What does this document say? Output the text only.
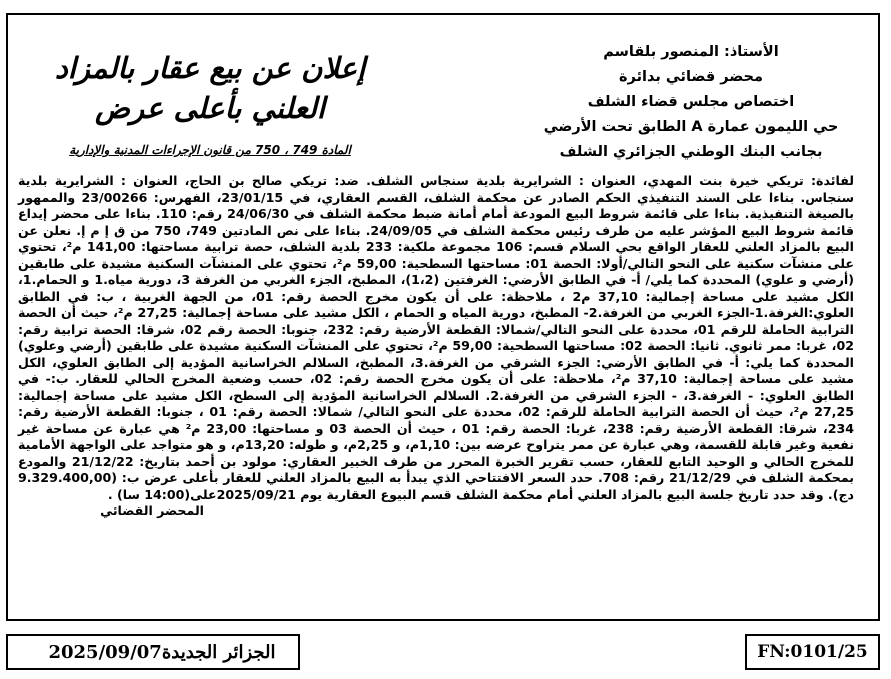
الأستاذ: المنصور بلقاسم
محضر قضائي بدائرة
اختصاص مجلس قضاء الشلف
حي الليمون عمارة A الطابق تحت الأرضي
بجانب البنك الوطني الجزائري الشلف
إعلان عن بيع عقار بالمزاد
العلني بأعلى عرض
المادة 749 ، 750 من قانون الإجراءات المدنية والإدارية

لفائدة: تريكي خيرة بنت المهدي، العنوان : الشرايرية بلدية سنجاس الشلف. ضد: تريكي صالح بن الحاج، العنوان : الشرايرية بلدية سنجاس. بناءا على السند التنفيذي الحكم الصادر عن محكمة الشلف، القسم العقاري، في 23/01/15، الفهرس: 23/00266 والممهور بالصيغة التنفيذية. بناءا على قائمة شروط البيع المودعة أمام أمانة ضبط محكمة الشلف في 24/06/30 رقم: 110. بناءا على محضر إيداع قائمة شروط البيع المؤشر عليه من طرف رئيس محكمة الشلف في 24/09/05. بناءا على نص المادتين 749، 750 من ق إ م إ. نعلن عن البيع بالمزاد العلني للعقار الواقع بحي السلام قسم: 106 مجموعة ملكية: 233 بلدية الشلف، حصة ترابية مساحتها: 141,00 م²، تحتوي على منشآت سكنية على النحو التالي/أولا: الحصة 01: مساحتها السطحية: 59,00 م²، تحتوي على المنشآت السكنية مشيدة على طابقين (أرضي و علوي) المحددة كما يلي/ أ- في الطابق الأرضي: الغرفتين (1،2)، المطبخ، الجزء الغربي من الغرفة 3، دورية مياه.1 و الحمام.1، الكل مشيد على مساحة إجمالية: 37,10 م2 ، ملاحظة: على أن يكون مخرج الحصة رقم: 01، من الجهة الغربية ، ب: في الطابق العلوي:الغرفة.1-الجزء الغربي من الغرفة.2- المطبخ، دورية المياه و الحمام ، الكل مشيد على مساحة إجمالية: 27,25 م²، حيث أن الحصة الترابية الحاملة للرقم 01، محددة على النحو التالي/شمالا: القطعة الأرضية رقم: 232، جنوبا: الحصة رقم 02، شرقا: الحصة ترابية رقم: 02، غربا: ممر ثانوي. ثانيا: الحصة 02: مساحتها السطحية: 59,00 م²، تحتوي على المنشآت السكنية مشيدة على طابقين (أرضي وعلوي) المحددة كما يلي: أ- في الطابق الأرضي: الجزء الشرقي من الغرفة.3، المطبخ، السلالم الخراسانية المؤدية إلى الطابق العلوي، الكل مشيد على مساحة إجمالية: 37,10 م²، ملاحظة: على أن يكون مخرج الحصة رقم: 02، حسب وضعية المخرج الحالي للعقار. ب:- في الطابق العلوي: - الغرفة.3، - الجزء الشرقي من الغرفة.2. السلالم الخراسانية المؤدية إلى السطح، الكل مشيد على مساحة إجمالية: 27,25 م²، حيث أن الحصة الترابية الحاملة للرقم: 02، محددة على النحو التالي/ شمالا: الحصة رقم: 01 ، جنوبا: القطعة الأرضية رقم: 234، شرقا: القطعة الأرضية رقم: 238، غربا: الحصة رقم: 01 ، حيث أن الحصة 03 و مساحتها: 23,00 م² هي عبارة عن مساحة غير نفعية وغير قابلة للقسمة، وهي عبارة عن ممر يتراوح عرضه بين: 1,10م، و 2,25م، و طوله: 13,20م، و هو متواجد على الواجهة الأمامية للمخرج الحالي و الوحيد التابع للعقار، حسب تقرير الخبرة المحرر من طرف الخبير العقاري: مولود بن أحمد بتاريخ: 21/12/22 والمودع بمحكمة الشلف في 21/12/29 رقم: 708. حدد السعر الافتتاحي الذي يبدأ به البيع بالمزاد العلني للعقار بأعلى عرض ب: (9.329.400,00 دج). وقد حدد تاريخ جلسة البيع بالمزاد العلني أمام محكمة الشلف قسم البيوع العقارية يوم 2025/09/21على(14:00 سا) .

المحضر القضائي
الجزائر الجديدة
2025/09/07	FN:0101/25
